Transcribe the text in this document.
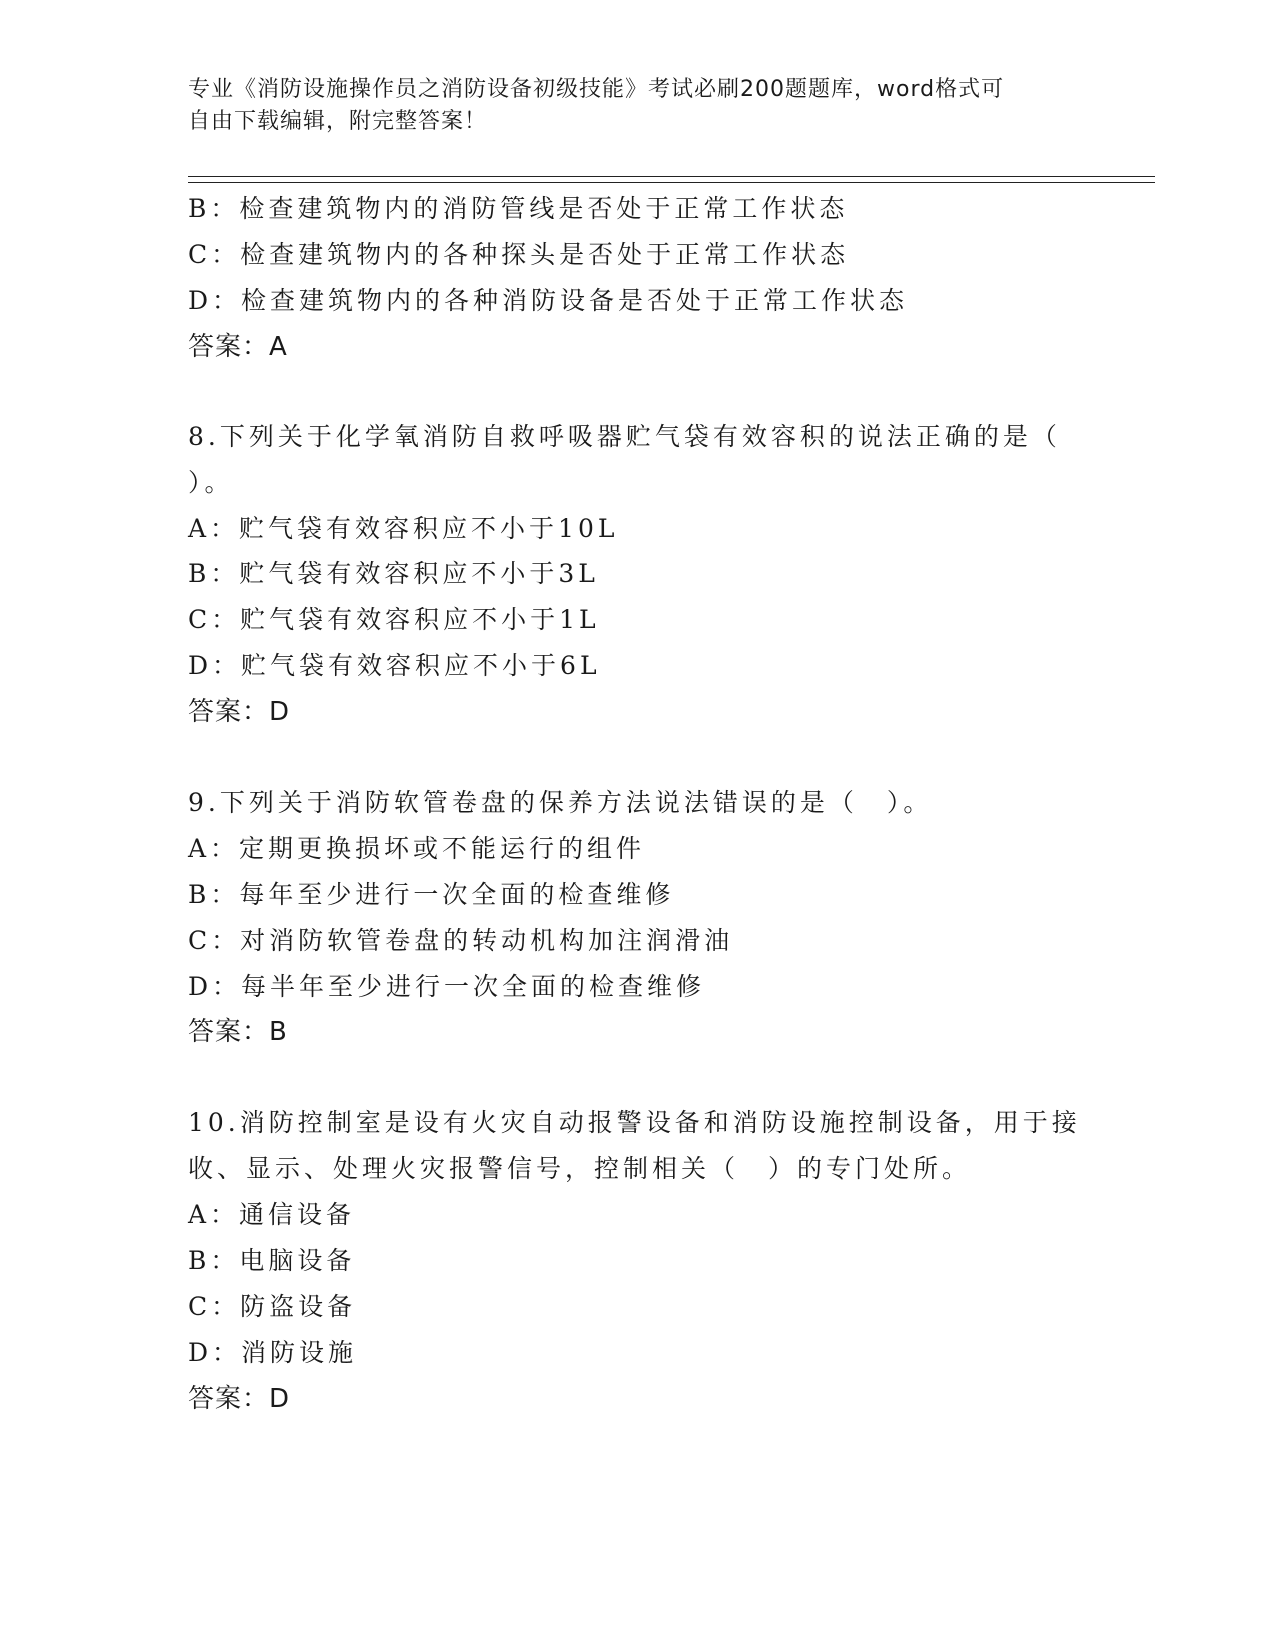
专业《消防设施操作员之消防设备初级技能》考试必刷200题题库，word格式可
自由下载编辑，附完整答案！
B：检查建筑物内的消防管线是否处于正常工作状态
C：检查建筑物内的各种探头是否处于正常工作状态
D：检查建筑物内的各种消防设备是否处于正常工作状态
答案：A
8.下列关于化学氧消防自救呼吸器贮气袋有效容积的说法正确的是（
）。
A：贮气袋有效容积应不小于10L
B：贮气袋有效容积应不小于3L
C：贮气袋有效容积应不小于1L
D：贮气袋有效容积应不小于6L
答案：D
9.下列关于消防软管卷盘的保养方法说法错误的是（　）。
A：定期更换损坏或不能运行的组件
B：每年至少进行一次全面的检查维修
C：对消防软管卷盘的转动机构加注润滑油
D：每半年至少进行一次全面的检查维修
答案：B
10.消防控制室是设有火灾自动报警设备和消防设施控制设备，用于接
收、显示、处理火灾报警信号，控制相关（　）的专门处所。
A：通信设备
B：电脑设备
C：防盗设备
D：消防设施
答案：D
